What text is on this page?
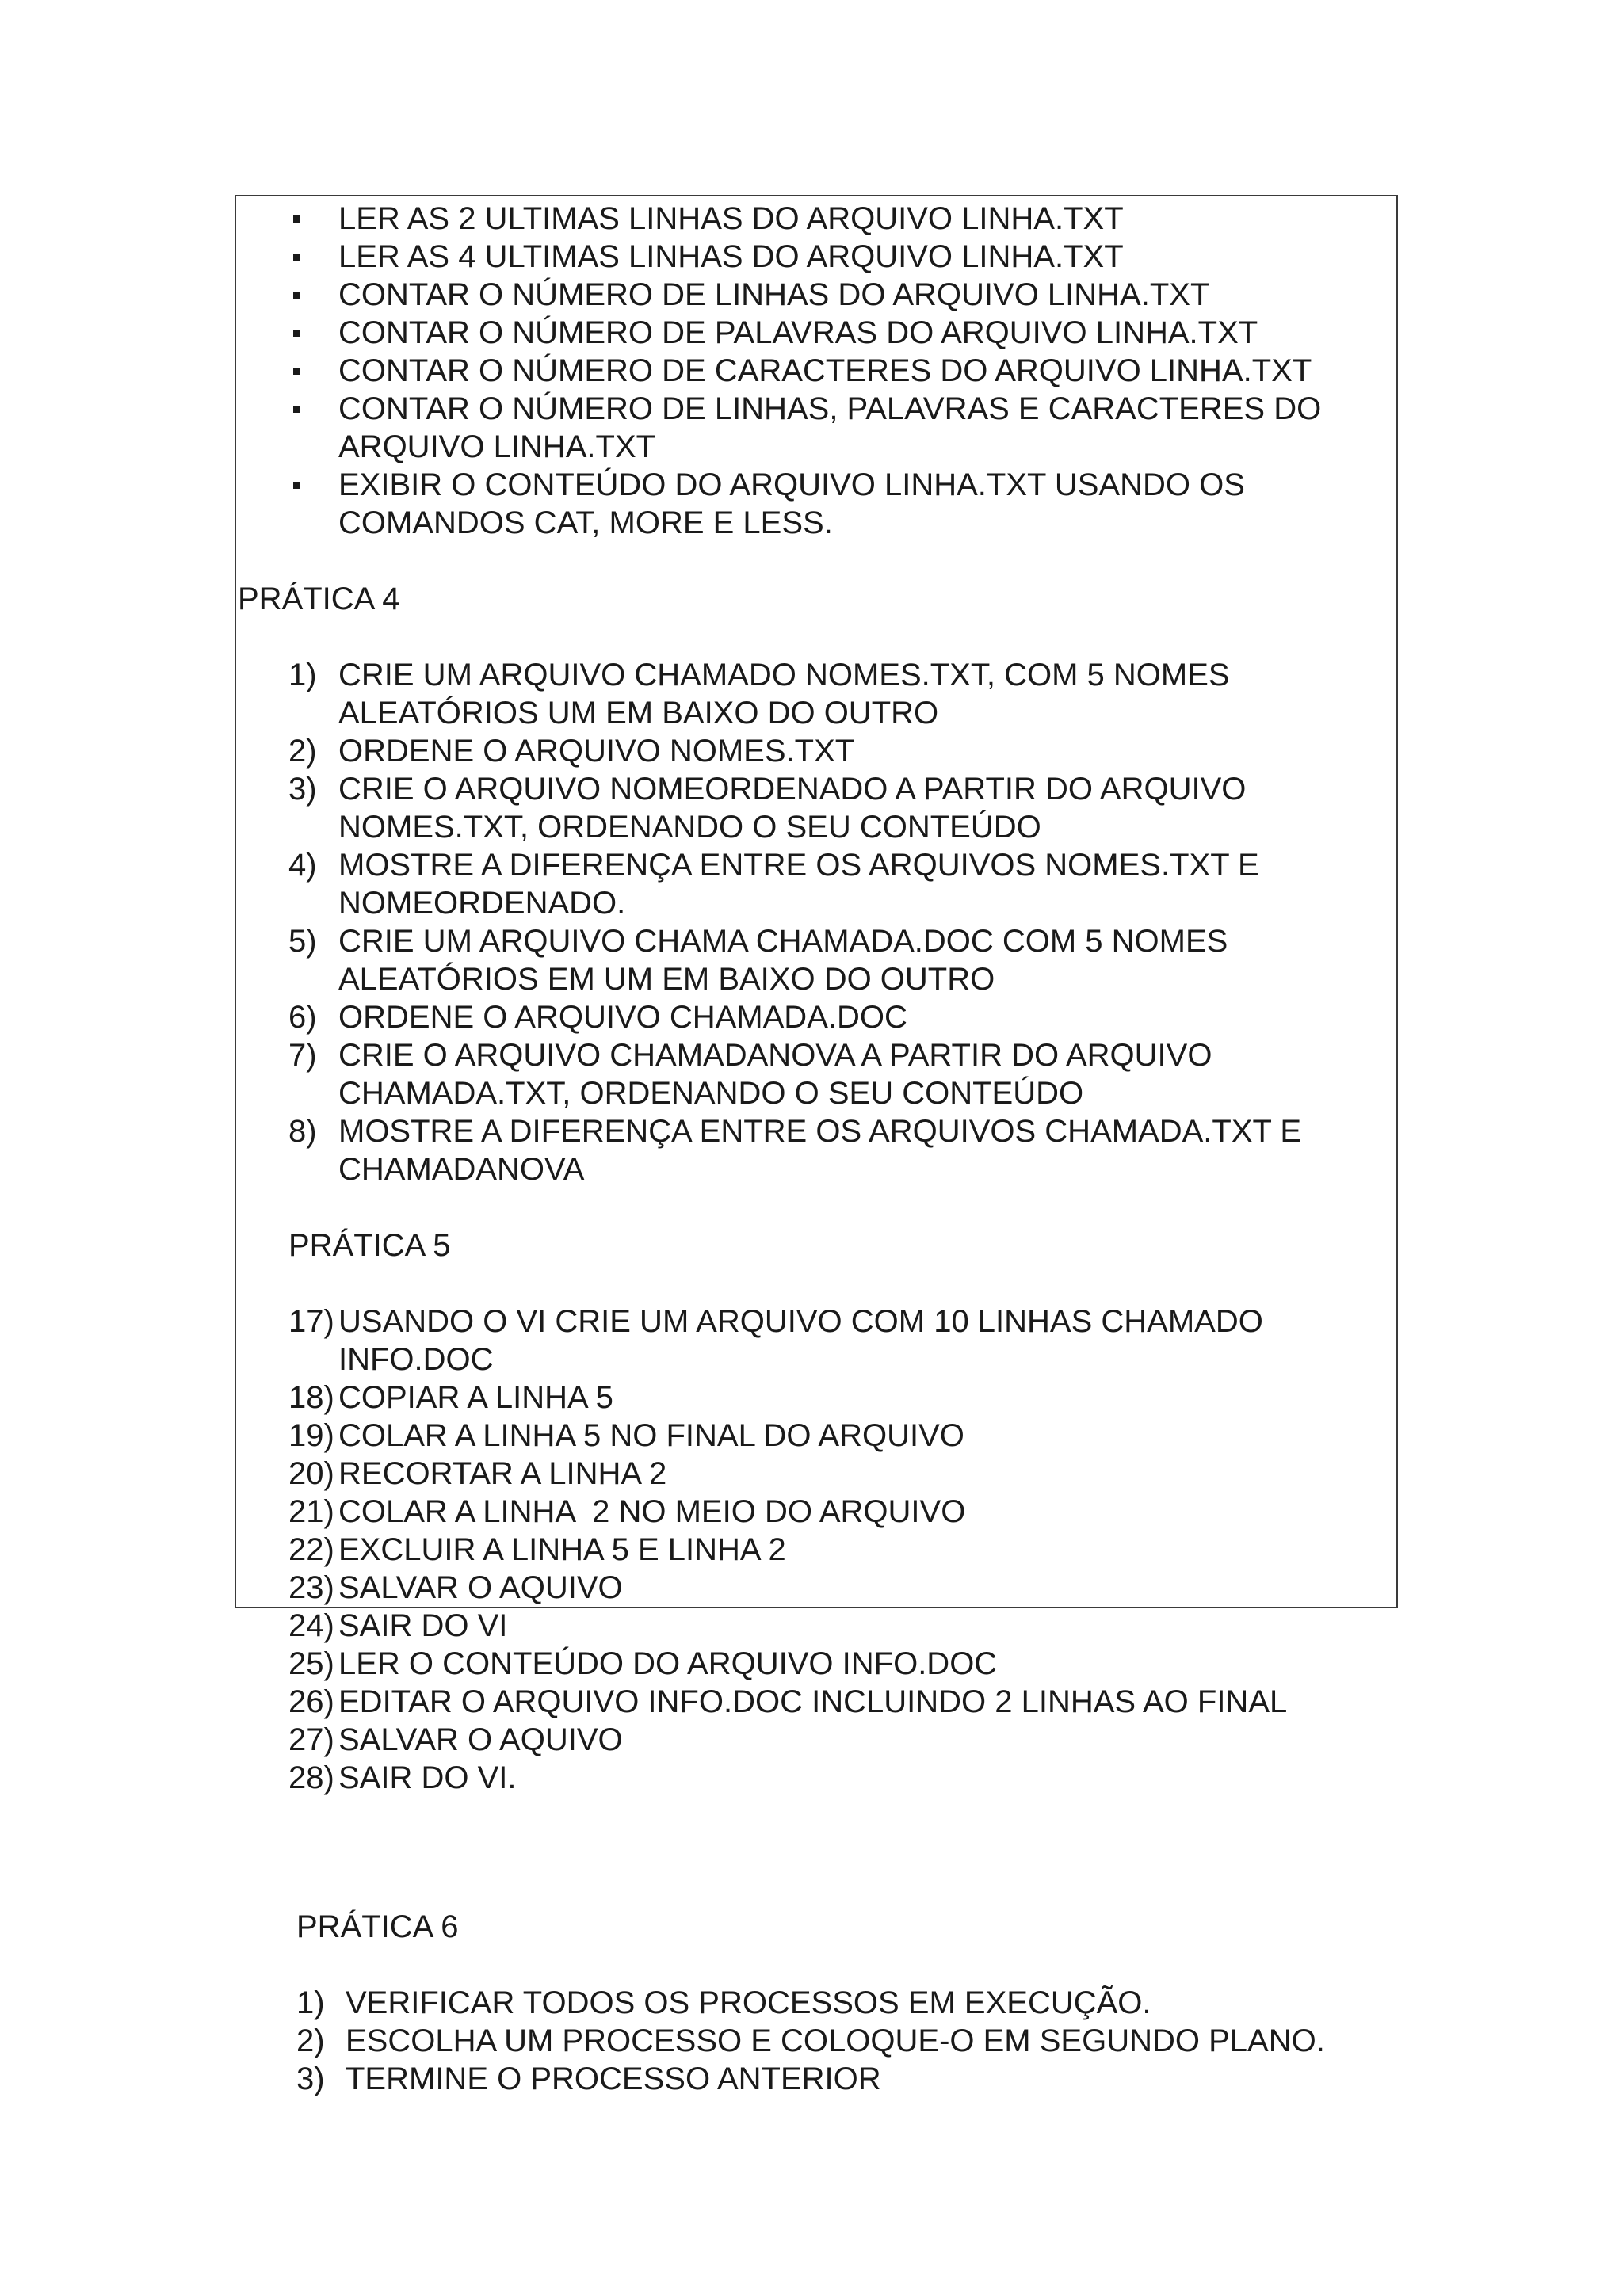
LER AS 2 ULTIMAS LINHAS DO ARQUIVO LINHA.TXT

LER AS 4 ULTIMAS LINHAS DO ARQUIVO LINHA.TXT

CONTAR O NÚMERO DE LINHAS DO ARQUIVO LINHA.TXT

CONTAR O NÚMERO DE PALAVRAS DO ARQUIVO LINHA.TXT

CONTAR O NÚMERO DE CARACTERES DO ARQUIVO LINHA.TXT

CONTAR O NÚMERO DE LINHAS, PALAVRAS E CARACTERES DO

ARQUIVO LINHA.TXT

EXIBIR O CONTEÚDO DO ARQUIVO LINHA.TXT USANDO OS

COMANDOS CAT, MORE E LESS.

PRÁTICA 4

1) CRIE UM ARQUIVO CHAMADO NOMES.TXT, COM 5 NOMES

ALEATÓRIOS UM EM BAIXO DO OUTRO

2) ORDENE O ARQUIVO NOMES.TXT

3) CRIE O ARQUIVO NOMEORDENADO A PARTIR DO ARQUIVO

NOMES.TXT, ORDENANDO O SEU CONTEÚDO

4) MOSTRE A DIFERENÇA ENTRE OS ARQUIVOS NOMES.TXT E

NOMEORDENADO.

5) CRIE UM ARQUIVO CHAMA CHAMADA.DOC COM 5 NOMES

ALEATÓRIOS EM UM EM BAIXO DO OUTRO

6) ORDENE O ARQUIVO CHAMADA.DOC

7) CRIE O ARQUIVO CHAMADANOVA A PARTIR DO ARQUIVO

CHAMADA.TXT, ORDENANDO O SEU CONTEÚDO

8) MOSTRE A DIFERENÇA ENTRE OS ARQUIVOS CHAMADA.TXT E

CHAMADANOVA

PRÁTICA 5

17) USANDO O VI CRIE UM ARQUIVO COM 10 LINHAS CHAMADO

INFO.DOC

18) COPIAR A LINHA 5

19) COLAR A LINHA 5 NO FINAL DO ARQUIVO

20) RECORTAR A LINHA 2

21) COLAR A LINHA  2 NO MEIO DO ARQUIVO

22) EXCLUIR A LINHA 5 E LINHA 2

23) SALVAR O AQUIVO

24) SAIR DO VI

25) LER O CONTEÚDO DO ARQUIVO INFO.DOC

26) EDITAR O ARQUIVO INFO.DOC INCLUINDO 2 LINHAS AO FINAL

27) SALVAR O AQUIVO

28) SAIR DO VI.

PRÁTICA 6

1) VERIFICAR TODOS OS PROCESSOS EM EXECUÇÃO.

2) ESCOLHA UM PROCESSO E COLOQUE-O EM SEGUNDO PLANO.

3) TERMINE O PROCESSO ANTERIOR
